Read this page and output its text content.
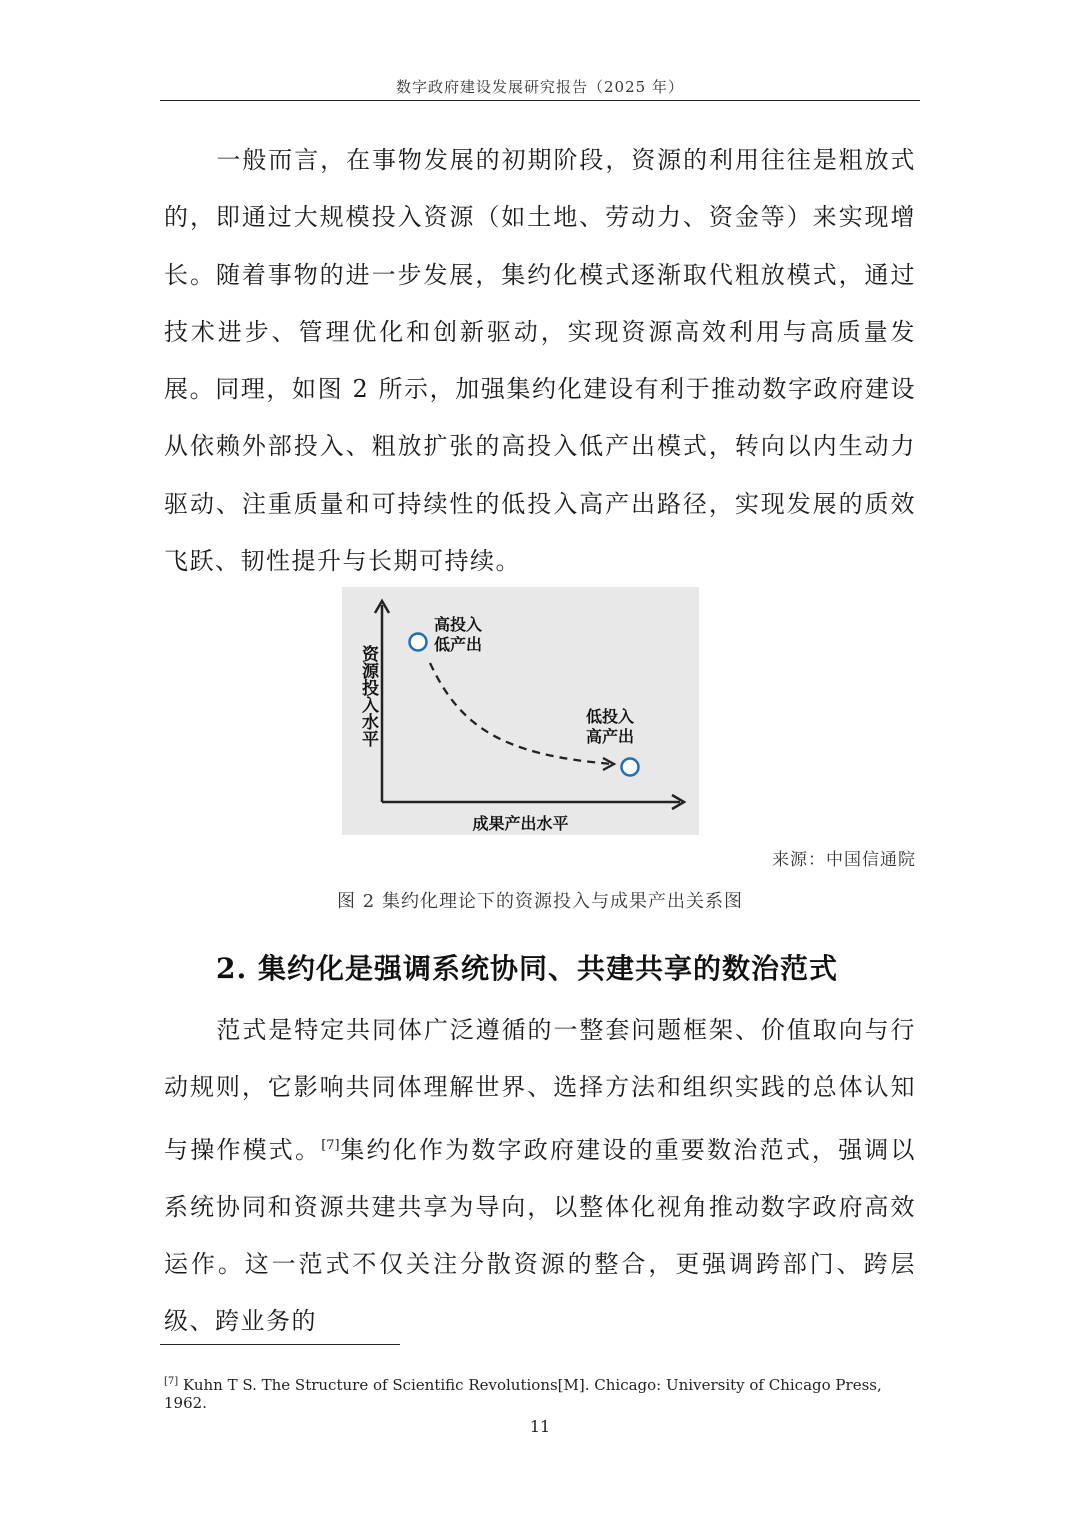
数字政府建设发展研究报告（2025 年）

一般而言，在事物发展的初期阶段，资源的利用往往是粗放式的，即通过大规模投入资源（如土地、劳动力、资金等）来实现增长。随着事物的进一步发展，集约化模式逐渐取代粗放模式，通过技术进步、管理优化和创新驱动，实现资源高效利用与高质量发展。同理，如图 2 所示，加强集约化建设有利于推动数字政府建设从依赖外部投入、粗放扩张的高投入低产出模式，转向以内生动力驱动、注重质量和可持续性的低投入高产出路径，实现发展的质效飞跃、韧性提升与长期可持续。

资源投入水平
高投入
低产出
低投入
高产出
成果产出水平
来源：中国信通院
图 2 集约化理论下的资源投入与成果产出关系图
2. 集约化是强调系统协同、共建共享的数治范式

范式是特定共同体广泛遵循的一整套问题框架、价值取向与行动规则，它影响共同体理解世界、选择方法和组织实践的总体认知与操作模式。[7]集约化作为数字政府建设的重要数治范式，强调以系统协同和资源共建共享为导向，以整体化视角推动数字政府高效运作。这一范式不仅关注分散资源的整合，更强调跨部门、跨层级、跨业务的

[7] Kuhn T S. The Structure of Scientific Revolutions[M]. Chicago: University of Chicago Press, 1962.
11
